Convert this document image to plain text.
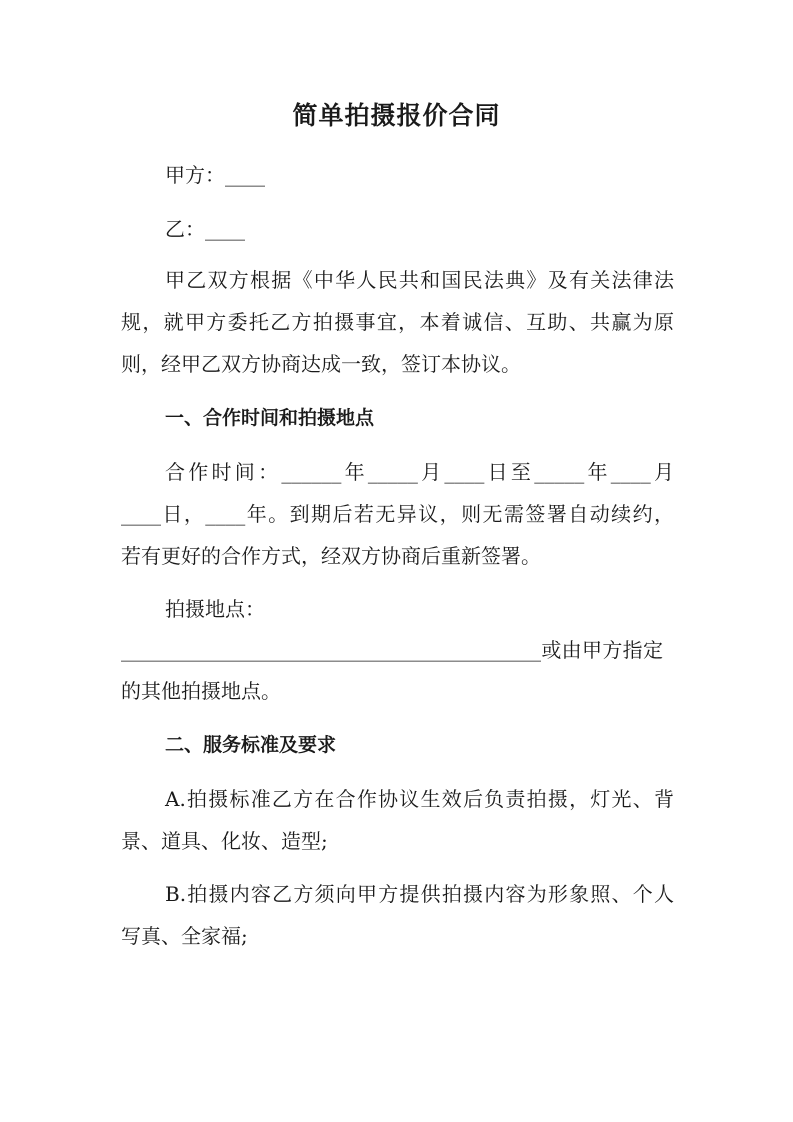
简单拍摄报价合同
甲方：____
乙：____
甲乙双方根据《中华人民共和国民法典》及有关法律法
规，就甲方委托乙方拍摄事宜，本着诚信、互助、共赢为原
则，经甲乙双方协商达成一致，签订本协议。
一、合作时间和拍摄地点
合作时间：______年_____月____日至_____年____月
____日，____年。到期后若无异议，则无需签署自动续约，
若有更好的合作方式，经双方协商后重新签署。
拍摄地点：
__________________________________________或由甲方指定
的其他拍摄地点。
二、服务标准及要求
A.拍摄标准乙方在合作协议生效后负责拍摄，灯光、背
景、道具、化妆、造型;
B.拍摄内容乙方须向甲方提供拍摄内容为形象照、个人
写真、全家福;
